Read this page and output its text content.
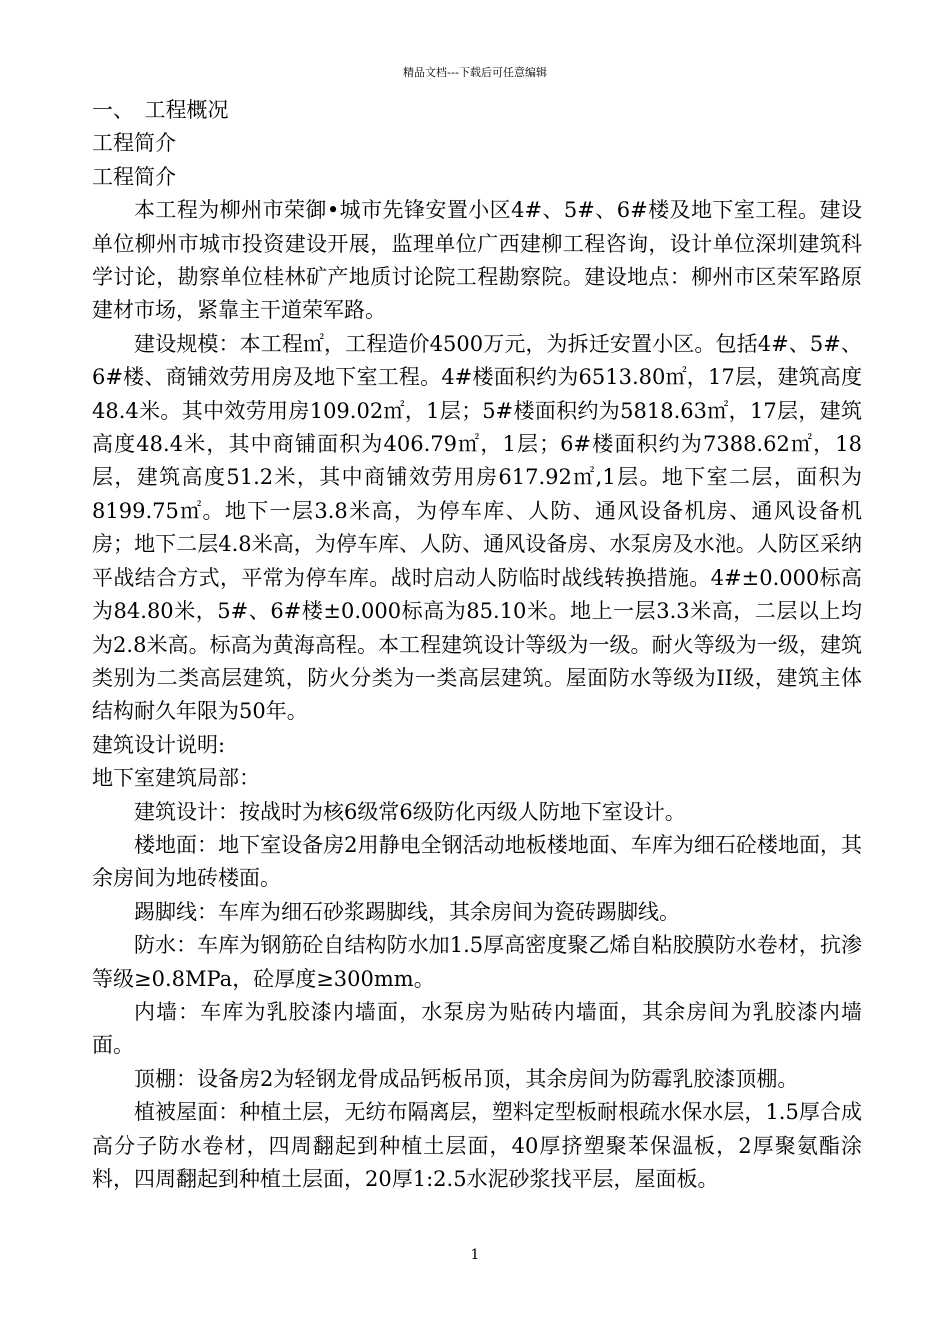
精品文档---下载后可任意编辑

一、　工程概况

工程简介

工程简介

本工程为柳州市荣御•城市先锋安置小区4#、5#、6#楼及地下室工程。建设单位柳州市城市投资建设开展，监理单位广西建柳工程咨询，设计单位深圳建筑科学讨论，勘察单位桂林矿产地质讨论院工程勘察院。建设地点：柳州市区荣军路原建材市场，紧靠主干道荣军路。

建设规模：本工程㎡，工程造价4500万元，为拆迁安置小区。包括4#、5#、6#楼、商铺效劳用房及地下室工程。4#楼面积约为6513.80㎡，17层，建筑高度48.4米。其中效劳用房109.02㎡，1层；5#楼面积约为5818.63㎡，17层，建筑高度48.4米，其中商铺面积为406.79㎡，1层；6#楼面积约为7388.62㎡，18层，建筑高度51.2米，其中商铺效劳用房617.92㎡,1层。地下室二层，面积为8199.75㎡。地下一层3.8米高，为停车库、人防、通风设备机房、通风设备机房；地下二层4.8米高，为停车库、人防、通风设备房、水泵房及水池。人防区采纳平战结合方式，平常为停车库。战时启动人防临时战线转换措施。4#±0.000标高为84.80米，5#、6#楼±0.000标高为85.10米。地上一层3.3米高，二层以上均为2.8米高。标高为黄海高程。本工程建筑设计等级为一级。耐火等级为一级，建筑类别为二类高层建筑，防火分类为一类高层建筑。屋面防水等级为II级，建筑主体结构耐久年限为50年。

建筑设计说明:

地下室建筑局部：

建筑设计：按战时为核6级常6级防化丙级人防地下室设计。

楼地面：地下室设备房2用静电全钢活动地板楼地面、车库为细石砼楼地面，其余房间为地砖楼面。

踢脚线：车库为细石砂浆踢脚线，其余房间为瓷砖踢脚线。

防水：车库为钢筋砼自结构防水加1.5厚高密度聚乙烯自粘胶膜防水卷材，抗渗等级≥0.8MPa，砼厚度≥300mm。

内墙：车库为乳胶漆内墙面，水泵房为贴砖内墙面，其余房间为乳胶漆内墙面。

顶棚：设备房2为轻钢龙骨成品钙板吊顶，其余房间为防霉乳胶漆顶棚。

植被屋面：种植土层，无纺布隔离层，塑料定型板耐根疏水保水层，1.5厚合成高分子防水卷材，四周翻起到种植土层面，40厚挤塑聚苯保温板，2厚聚氨酯涂料，四周翻起到种植土层面，20厚1:2.5水泥砂浆找平层，屋面板。

1
